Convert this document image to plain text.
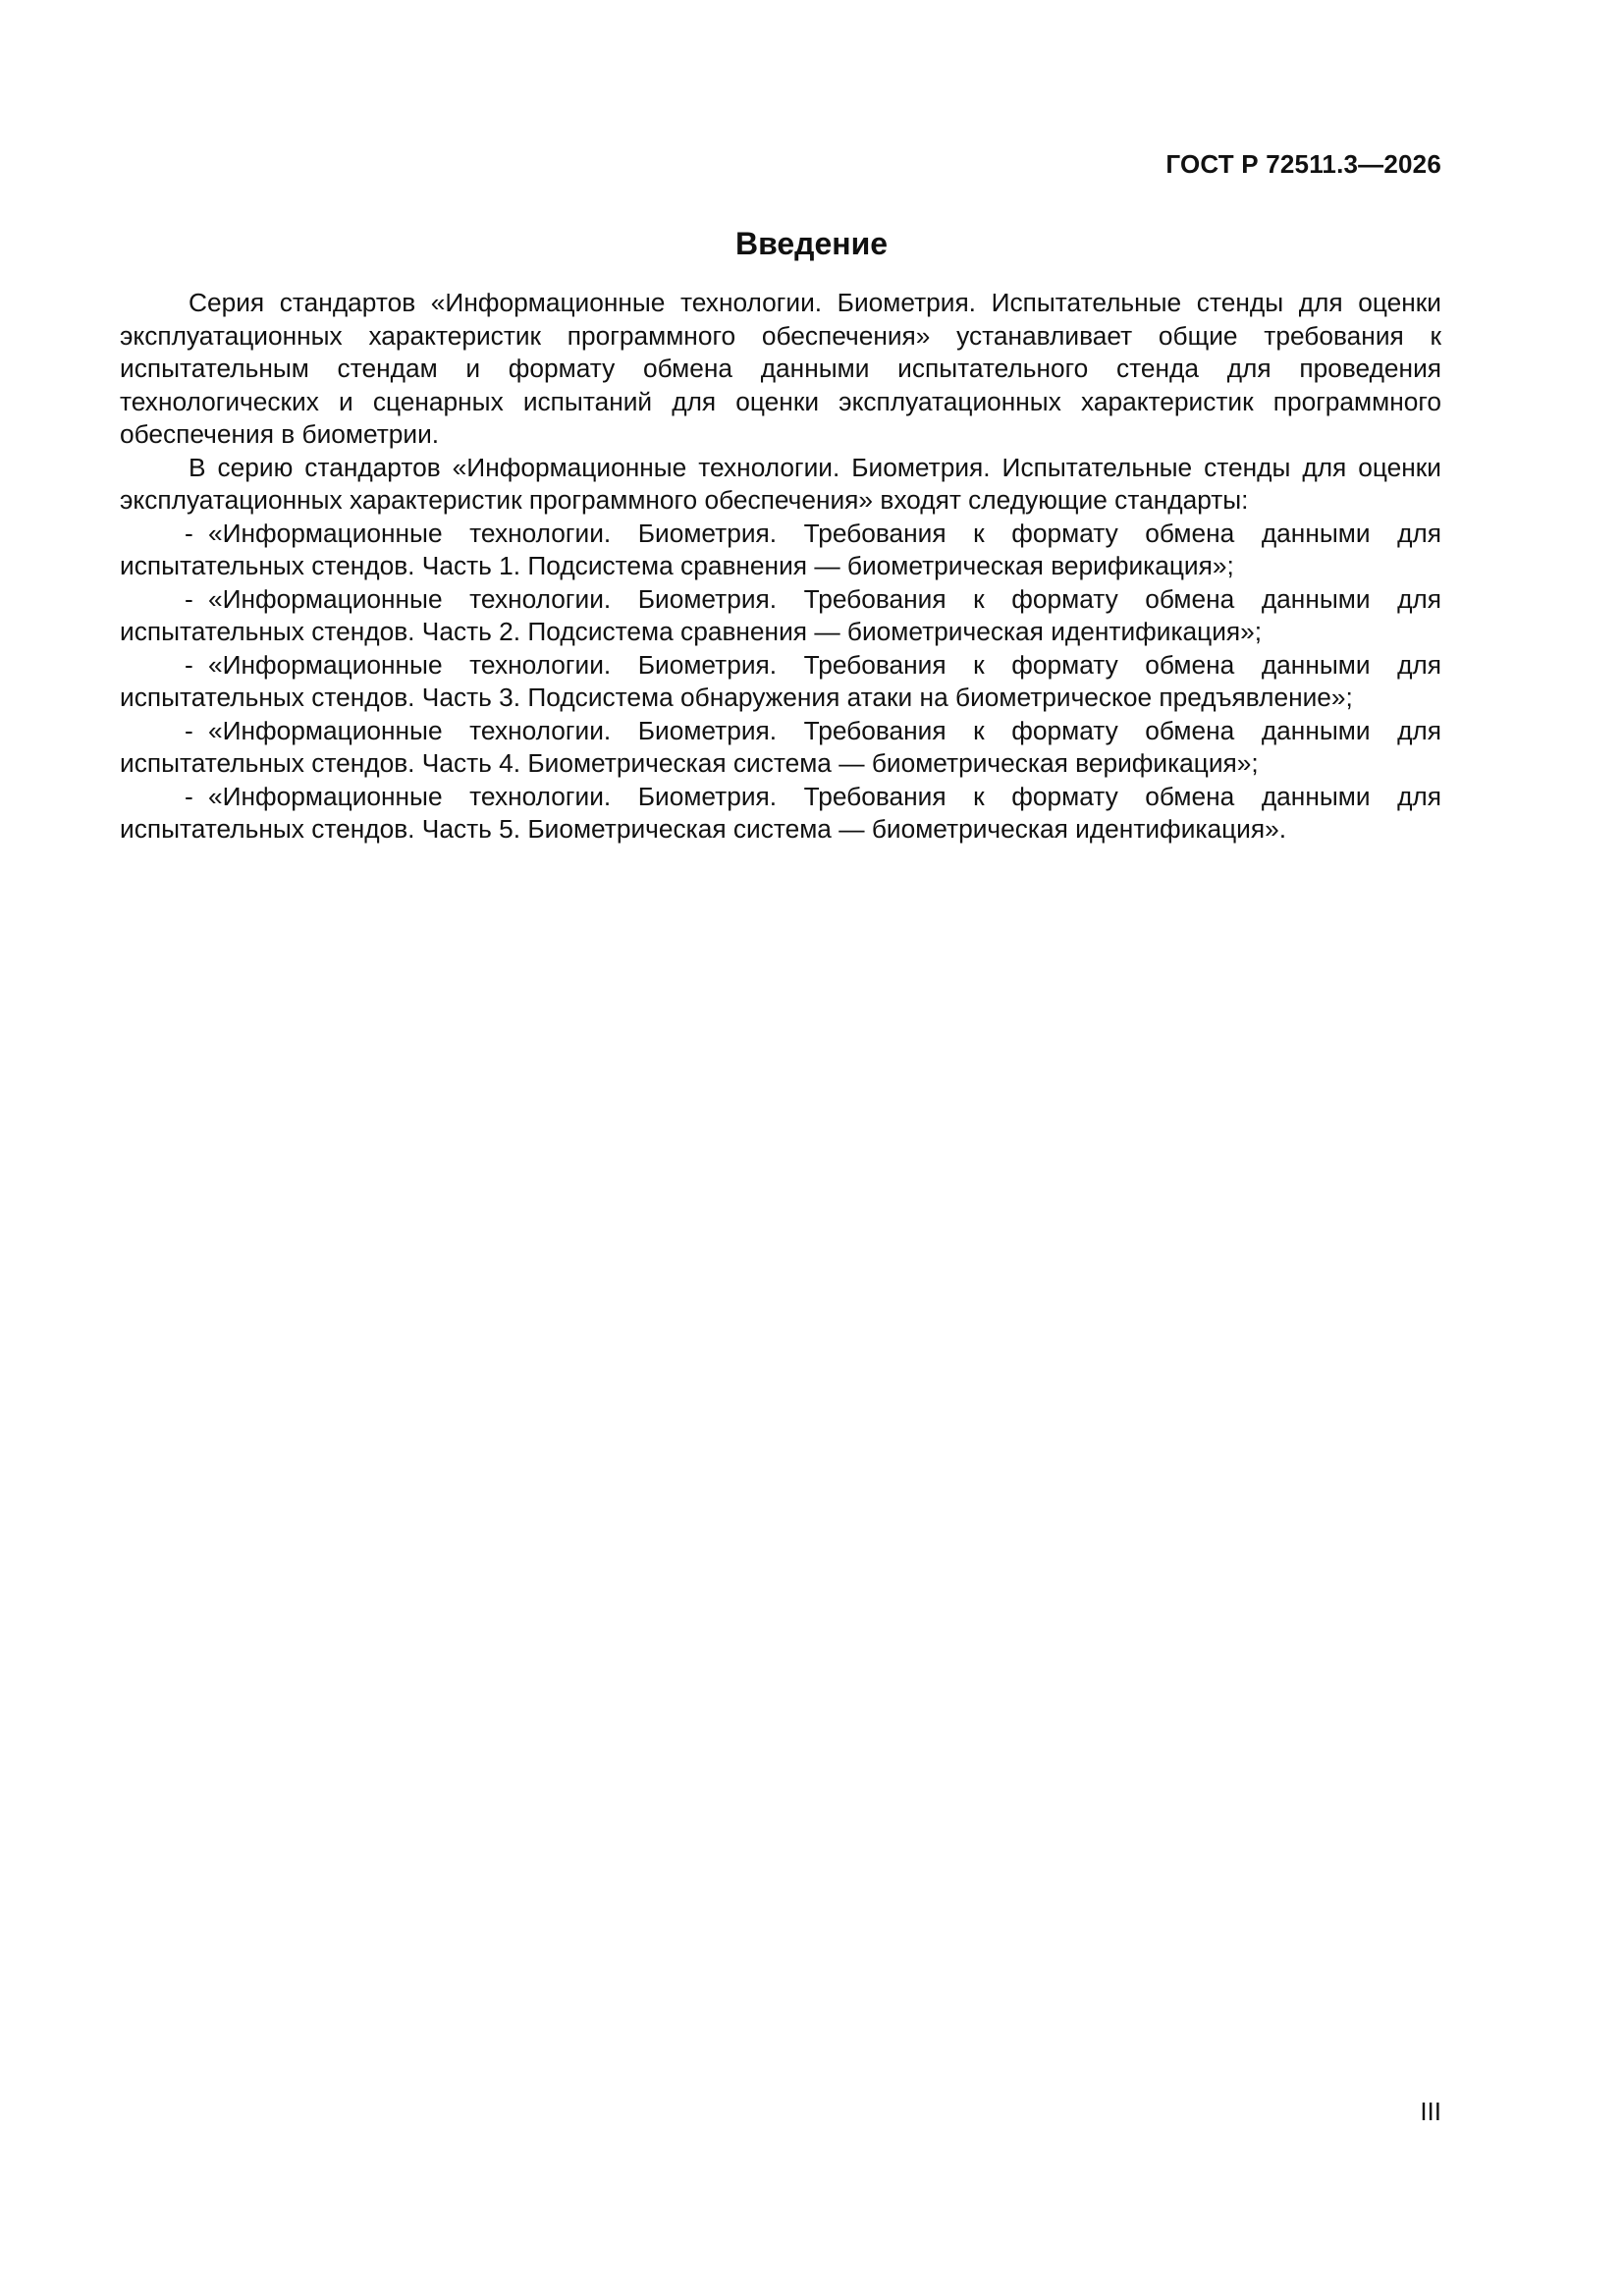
ГОСТ Р 72511.3—2026
Введение

Серия стандартов «Информационные технологии. Биометрия. Испытательные стенды для оценки эксплуатационных характеристик программного обеспечения» устанавливает общие требования к испытательным стендам и формату обмена данными испытательного стенда для проведения технологических и сценарных испытаний для оценки эксплуатационных характеристик программного обеспечения в биометрии.

В серию стандартов «Информационные технологии. Биометрия. Испытательные стенды для оценки эксплуатационных характеристик программного обеспечения» входят следующие стандарты:

- «Информационные технологии. Биометрия. Требования к формату обмена данными для испытательных стендов. Часть 1. Подсистема сравнения — биометрическая верификация»;
- «Информационные технологии. Биометрия. Требования к формату обмена данными для испытательных стендов. Часть 2. Подсистема сравнения — биометрическая идентификация»;
- «Информационные технологии. Биометрия. Требования к формату обмена данными для испытательных стендов. Часть 3. Подсистема обнаружения атаки на биометрическое предъявление»;
- «Информационные технологии. Биометрия. Требования к формату обмена данными для испытательных стендов. Часть 4. Биометрическая система — биометрическая верификация»;
- «Информационные технологии. Биометрия. Требования к формату обмена данными для испытательных стендов. Часть 5. Биометрическая система — биометрическая идентификация».
III
